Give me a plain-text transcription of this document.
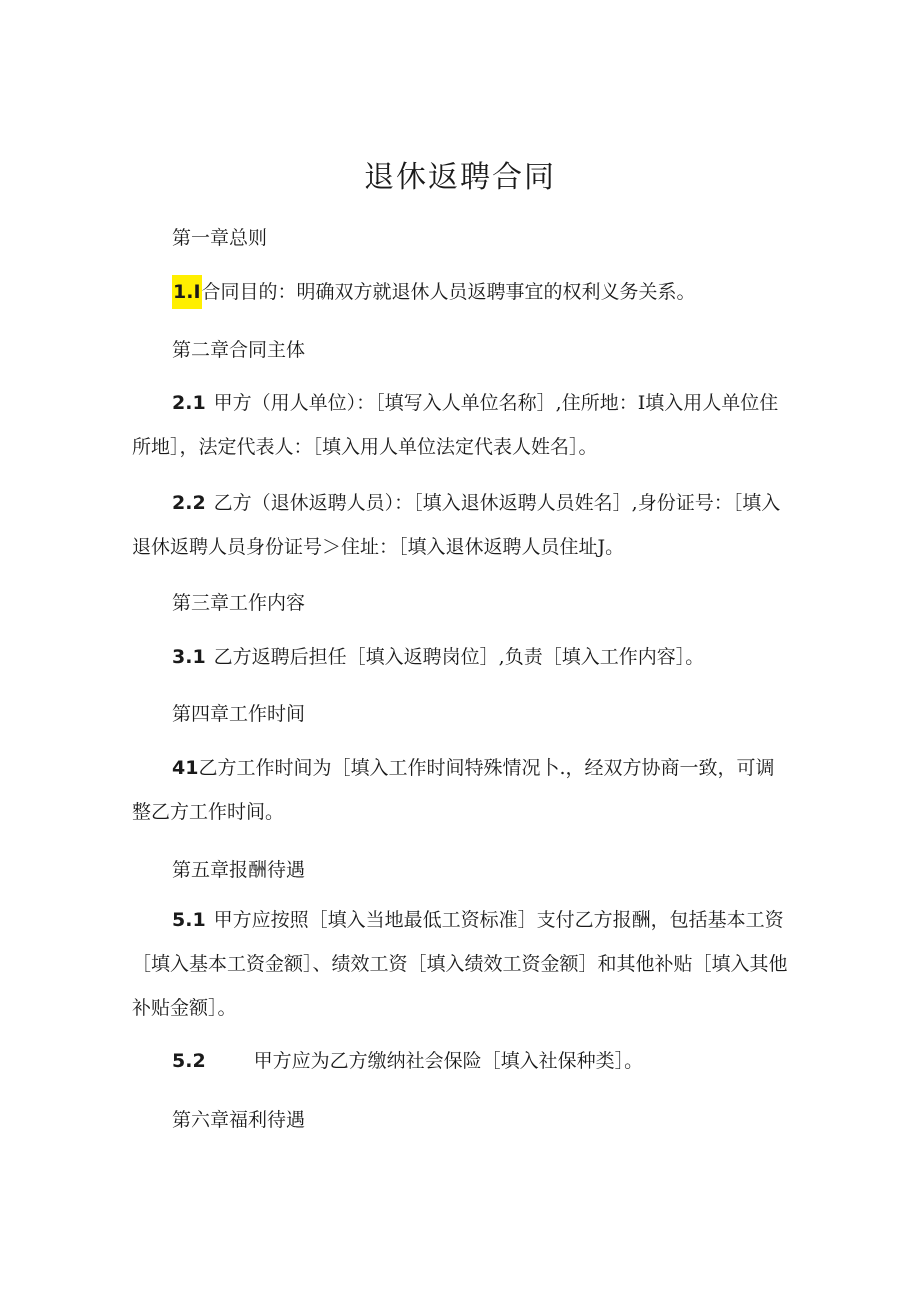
退休返聘合同
第一章总则
1.I合同目的：明确双方就退休人员返聘事宜的权利义务关系。
第二章合同主体
2.1 甲方（用人单位）：［填写入人单位名称］,住所地：I填入用人单位住所地］，法定代表人：［填入用人单位法定代表人姓名］。
2.2 乙方（退休返聘人员）：［填入退休返聘人员姓名］,身份证号：［填入退休返聘人员身份证号＞住址：［填入退休返聘人员住址J。
第三章工作内容
3.1 乙方返聘后担任［填入返聘岗位］,负责［填入工作内容］。
第四章工作时间
41乙方工作时间为［填入工作时间特殊情况卜.，经双方协商一致，可调整乙方工作时间。
第五章报酬待遇
5.1 甲方应按照［填入当地最低工资标准］支付乙方报酬，包括基本工资［填入基本工资金额］、绩效工资［填入绩效工资金额］和其他补贴［填入其他补贴金额］。
5.2	甲方应为乙方缴纳社会保险［填入社保种类］。
第六章福利待遇
